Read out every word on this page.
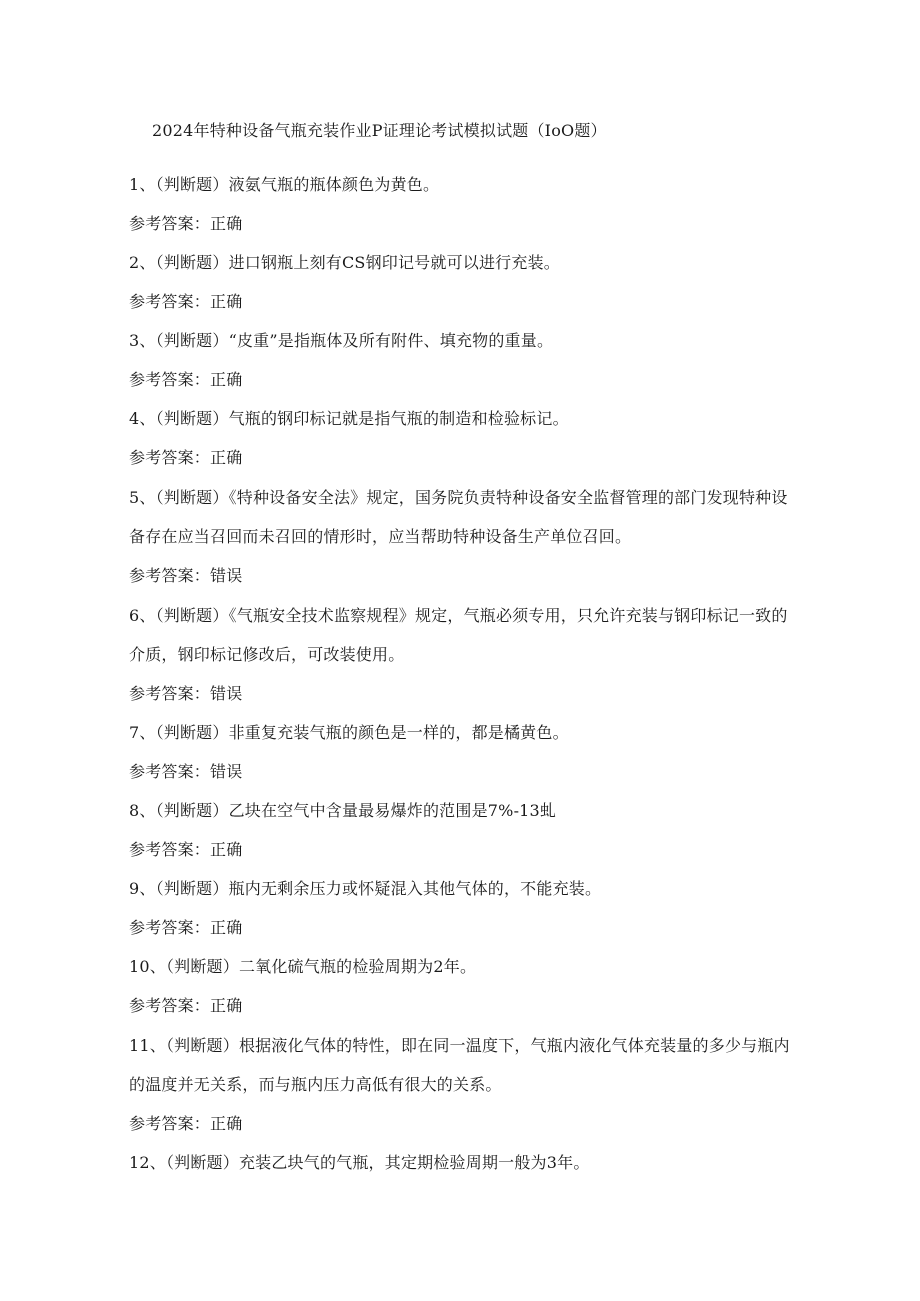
2024年特种设备气瓶充装作业P证理论考试模拟试题（IoO题）

1、（判断题）液氨气瓶的瓶体颜色为黄色。

参考答案：正确

2、（判断题）进口钢瓶上刻有CS钢印记号就可以进行充装。

参考答案：正确

3、（判断题）“皮重”是指瓶体及所有附件、填充物的重量。

参考答案：正确

4、（判断题）气瓶的钢印标记就是指气瓶的制造和检验标记。

参考答案：正确

5、（判断题）《特种设备安全法》规定，国务院负责特种设备安全监督管理的部门发现特种设备存在应当召回而未召回的情形时，应当帮助特种设备生产单位召回。

参考答案：错误

6、（判断题）《气瓶安全技术监察规程》规定，气瓶必须专用，只允许充装与钢印标记一致的介质，钢印标记修改后，可改装使用。

参考答案：错误

7、（判断题）非重复充装气瓶的颜色是一样的，都是橘黄色。

参考答案：错误

8、（判断题）乙块在空气中含量最易爆炸的范围是7%-13虬

参考答案：正确

9、（判断题）瓶内无剩余压力或怀疑混入其他气体的，不能充装。

参考答案：正确

10、（判断题）二氧化硫气瓶的检验周期为2年。

参考答案：正确

11、（判断题）根据液化气体的特性，即在同一温度下，气瓶内液化气体充装量的多少与瓶内的温度并无关系，而与瓶内压力高低有很大的关系。

参考答案：正确

12、（判断题）充装乙块气的气瓶，其定期检验周期一般为3年。
